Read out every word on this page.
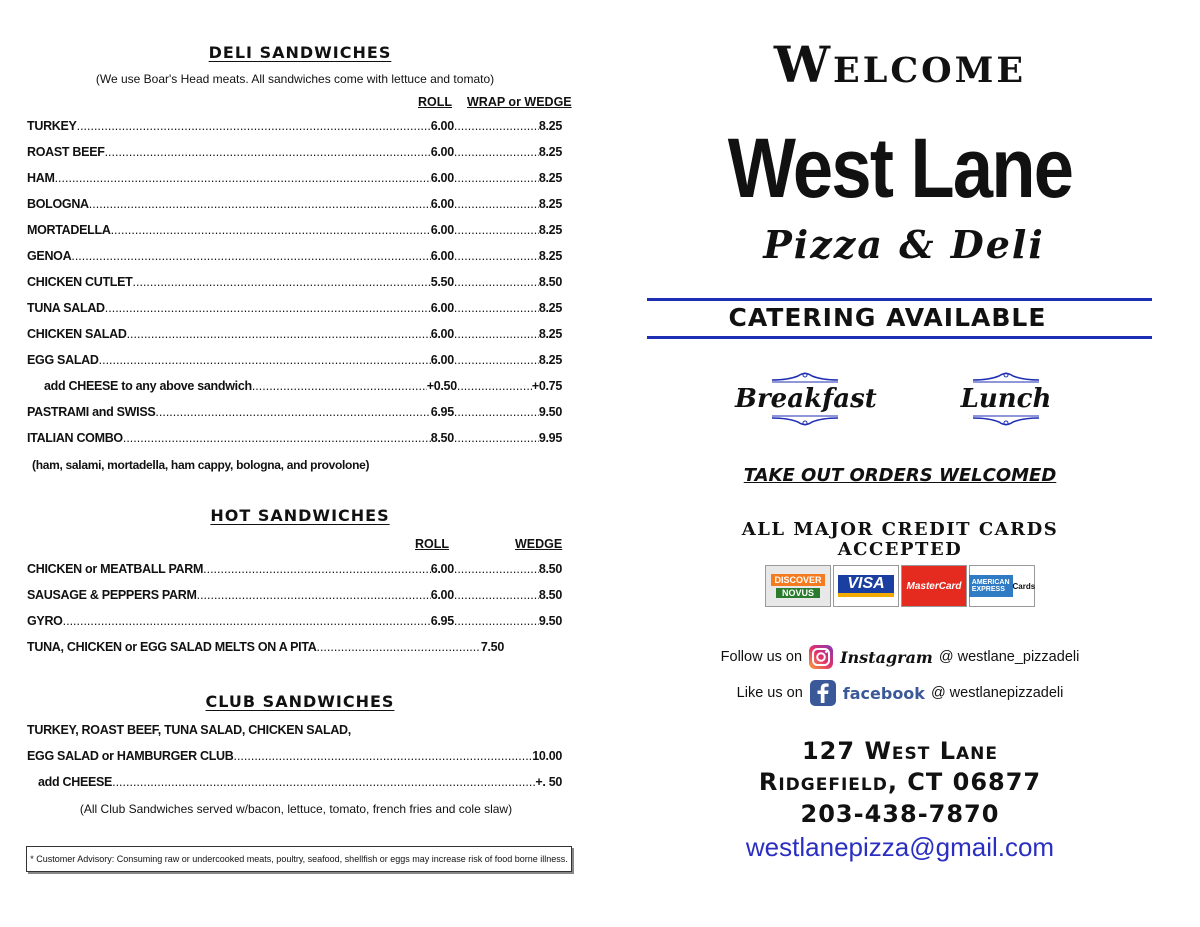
DELI SANDWICHES
(We use Boar's Head meats. All sandwiches come with lettuce and tomato)
ROLL WRAP or WEDGE
TURKEY .....	6.00 .....	8.25
ROAST BEEF .....	6.00 .....	8.25
HAM .....	6.00 .....	8.25
BOLOGNA .....	6.00 .....	8.25
MORTADELLA .....	6.00 .....	8.25
GENOA .....	6.00 .....	8.25
CHICKEN CUTLET .....	5.50 .....	8.50
TUNA SALAD .....	6.00 .....	8.25
CHICKEN SALAD .....	6.00 .....	8.25
EGG SALAD .....	6.00 .....	8.25
add CHEESE to any above sandwich .....	+0.50 .....	+0.75
PASTRAMI and SWISS .....	6.95 .....	9.50
ITALIAN COMBO .....	8.50 .....	9.95
(ham, salami, mortadella, ham cappy, bologna, and provolone)
HOT SANDWICHES
ROLL	WEDGE
CHICKEN or MEATBALL PARM .....	6.00 .....	8.50
SAUSAGE & PEPPERS PARM .....	6.00 .....	8.50
GYRO .....	6.95 .....	9.50
TUNA, CHICKEN or EGG SALAD MELTS ON A PITA .....	7.50
CLUB SANDWICHES
TURKEY, ROAST BEEF, TUNA SALAD, CHICKEN SALAD,
EGG SALAD or HAMBURGER CLUB .....	10.00
add CHEESE .....	+. 50
(All Club Sandwiches served w/bacon, lettuce, tomato, french fries and cole slaw)
* Customer Advisory: Consuming raw or undercooked meats, poultry, seafood, shellfish or eggs may increase risk of food borne illness.
Welcome
West Lane
Pizza & Deli
CATERING AVAILABLE
Breakfast	Lunch
TAKE OUT ORDERS WELCOMED
ALL MAJOR CREDIT CARDS
ACCEPTED
DISCOVER
NOVUS
VISA	MasterCard	AMERICAN EXPRESS Cards
Follow us on Instagram @ westlane_pizzadeli
Like us on	facebook @ westlanepizzadeli
127 West Lane
Ridgefield, CT 06877
203-438-7870
westlanepizza@gmail.com
